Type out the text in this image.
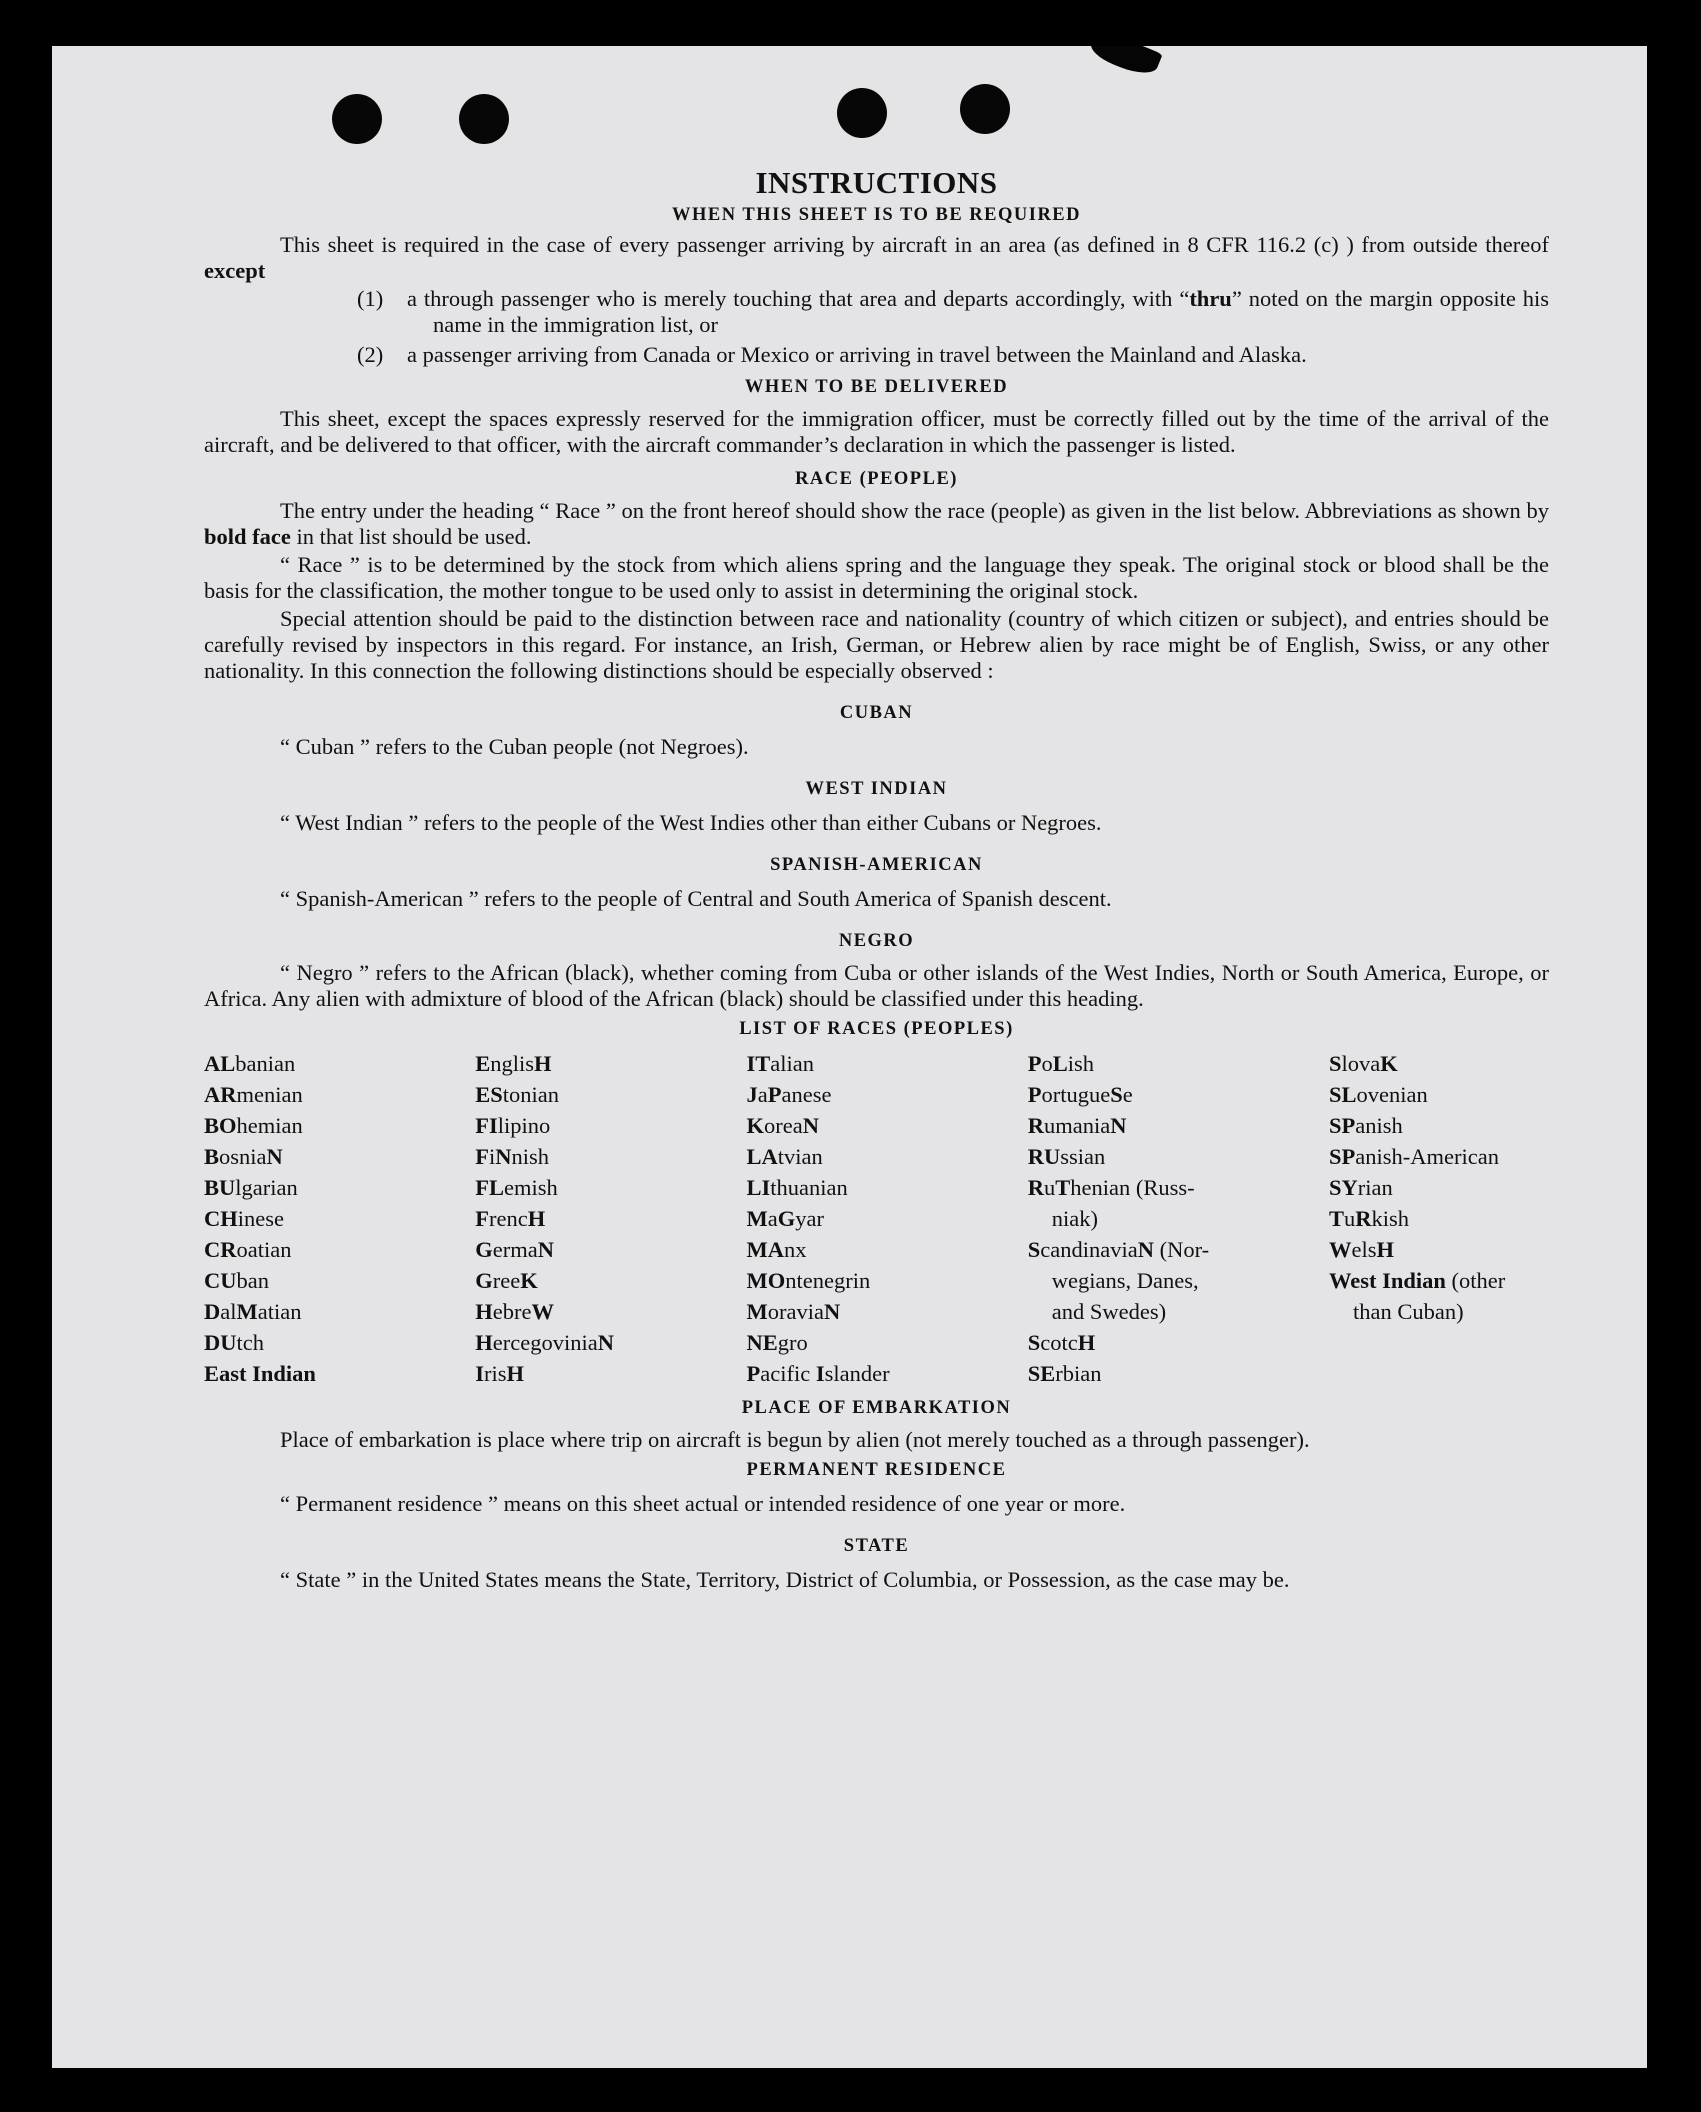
INSTRUCTIONS
WHEN THIS SHEET IS TO BE REQUIRED

This sheet is required in the case of every passenger arriving by aircraft in an area (as defined in 8 CFR 116.2 (c) ) from outside thereof except

(1)	a through passenger who is merely touching that area and departs accordingly, with “thru” noted on the margin opposite his name in the immigration list, or
(2)	a passenger arriving from Canada or Mexico or arriving in travel between the Mainland and Alaska.
WHEN TO BE DELIVERED

This sheet, except the spaces expressly reserved for the immigration officer, must be correctly filled out by the time of the arrival of the aircraft, and be delivered to that officer, with the aircraft commander’s declaration in which the passenger is listed.

RACE (PEOPLE)

The entry under the heading “ Race ” on the front hereof should show the race (people) as given in the list below. Abbreviations as shown by bold face in that list should be used.

“ Race ” is to be determined by the stock from which aliens spring and the language they speak. The original stock or blood shall be the basis for the classification, the mother tongue to be used only to assist in determining the original stock.

Special attention should be paid to the distinction between race and nationality (country of which citizen or subject), and entries should be carefully revised by inspectors in this regard. For instance, an Irish, German, or Hebrew alien by race might be of English, Swiss, or any other nationality. In this connection the following distinctions should be especially observed :

CUBAN

“ Cuban ” refers to the Cuban people (not Negroes).

WEST INDIAN

“ West Indian ” refers to the people of the West Indies other than either Cubans or Negroes.

SPANISH-AMERICAN

“ Spanish-American ” refers to the people of Central and South America of Spanish descent.

NEGRO

“ Negro ” refers to the African (black), whether coming from Cuba or other islands of the West Indies, North or South America, Europe, or Africa. Any alien with admixture of blood of the African (black) should be classified under this heading.

LIST OF RACES (PEOPLES)
ALbanian
ARmenian
BOhemian
BosniaN
BUlgarian
CHinese
CRoatian
CUban
DalMatian
DUtch
East Indian
EnglisH
EStonian
FIlipino
FiNnish
FLemish
FrencH
GermaN
GreeK
HebreW
HercegoviniaN
IrisH
ITalian
JaPanese
KoreaN
LAtvian
LIthuanian
MaGyar
MAnx
MOntenegrin
MoraviaN
NEgro
Pacific Islander
PoLish
PortugueSe
RumaniaN
RUssian
RuThenian (Russ-
niak)
ScandinaviaN (Nor-
wegians, Danes,
and Swedes)
ScotcH
SErbian
SlovaK
SLovenian
SPanish
SPanish-American
SYrian
TuRkish
WelsH
West Indian (other
than Cuban)
PLACE OF EMBARKATION

Place of embarkation is place where trip on aircraft is begun by alien (not merely touched as a through passenger).

PERMANENT RESIDENCE

“ Permanent residence ” means on this sheet actual or intended residence of one year or more.

STATE

“ State ” in the United States means the State, Territory, District of Columbia, or Possession, as the case may be.
